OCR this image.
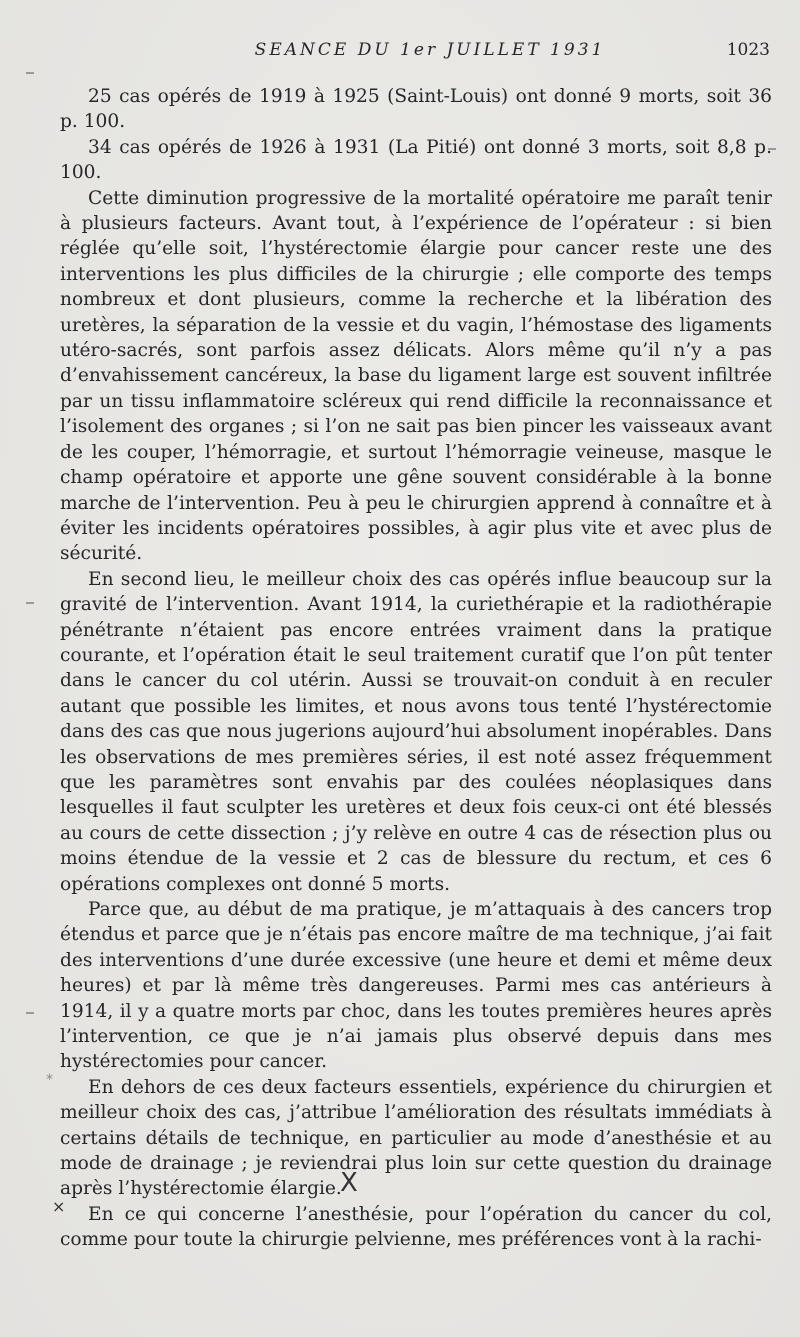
SEANCE DU 1er JUILLET 1931	1023

25 cas opérés de 1919 à 1925 (Saint-Louis) ont donné 9 morts, soit 36 p. 100.

34 cas opérés de 1926 à 1931 (La Pitié) ont donné 3 morts, soit 8,8 p. 100.

Cette diminution progressive de la mortalité opératoire me paraît tenir à plusieurs facteurs. Avant tout, à l’expérience de l’opérateur : si bien réglée qu’elle soit, l’hystérectomie élargie pour cancer reste une des interventions les plus difficiles de la chirurgie ; elle comporte des temps nombreux et dont plusieurs, comme la recherche et la libération des uretères, la séparation de la vessie et du vagin, l’hémostase des ligaments utéro-sacrés, sont parfois assez délicats. Alors même qu’il n’y a pas d’envahissement cancéreux, la base du ligament large est souvent infiltrée par un tissu inflammatoire scléreux qui rend difficile la reconnaissance et l’isolement des organes ; si l’on ne sait pas bien pincer les vaisseaux avant de les couper, l’hémorragie, et surtout l’hémorragie veineuse, masque le champ opératoire et apporte une gêne souvent considérable à la bonne marche de l’intervention. Peu à peu le chirurgien apprend à connaître et à éviter les incidents opératoires possibles, à agir plus vite et avec plus de sécurité.

En second lieu, le meilleur choix des cas opérés influe beaucoup sur la gravité de l’intervention. Avant 1914, la curiethérapie et la radiothérapie pénétrante n’étaient pas encore entrées vraiment dans la pratique courante, et l’opération était le seul traitement curatif que l’on pût tenter dans le cancer du col utérin. Aussi se trouvait-on conduit à en reculer autant que possible les limites, et nous avons tous tenté l’hystérectomie dans des cas que nous jugerions aujourd’hui absolument inopérables. Dans les observations de mes premières séries, il est noté assez fréquemment que les paramètres sont envahis par des coulées néoplasiques dans lesquelles il faut sculpter les uretères et deux fois ceux-ci ont été blessés au cours de cette dissection ; j’y relève en outre 4 cas de résection plus ou moins étendue de la vessie et 2 cas de blessure du rectum, et ces 6 opérations complexes ont donné 5 morts.

Parce que, au début de ma pratique, je m’attaquais à des cancers trop étendus et parce que je n’étais pas encore maître de ma technique, j’ai fait des interventions d’une durée excessive (une heure et demi et même deux heures) et par là même très dangereuses. Parmi mes cas antérieurs à 1914, il y a quatre morts par choc, dans les toutes premières heures après l’intervention, ce que je n’ai jamais plus observé depuis dans mes hystérectomies pour cancer.

En dehors de ces deux facteurs essentiels, expérience du chirurgien et meilleur choix des cas, j’attribue l’amélioration des résultats immédiats à certains détails de technique, en particulier au mode d’anesthésie et au mode de drainage ; je reviendrai plus loin sur cette question du drainage après l’hystérectomie élargie.

En ce qui concerne l’anesthésie, pour l’opération du cancer du col, comme pour toute la chirurgie pelvienne, mes préférences vont à la rachi-

X
×
*
